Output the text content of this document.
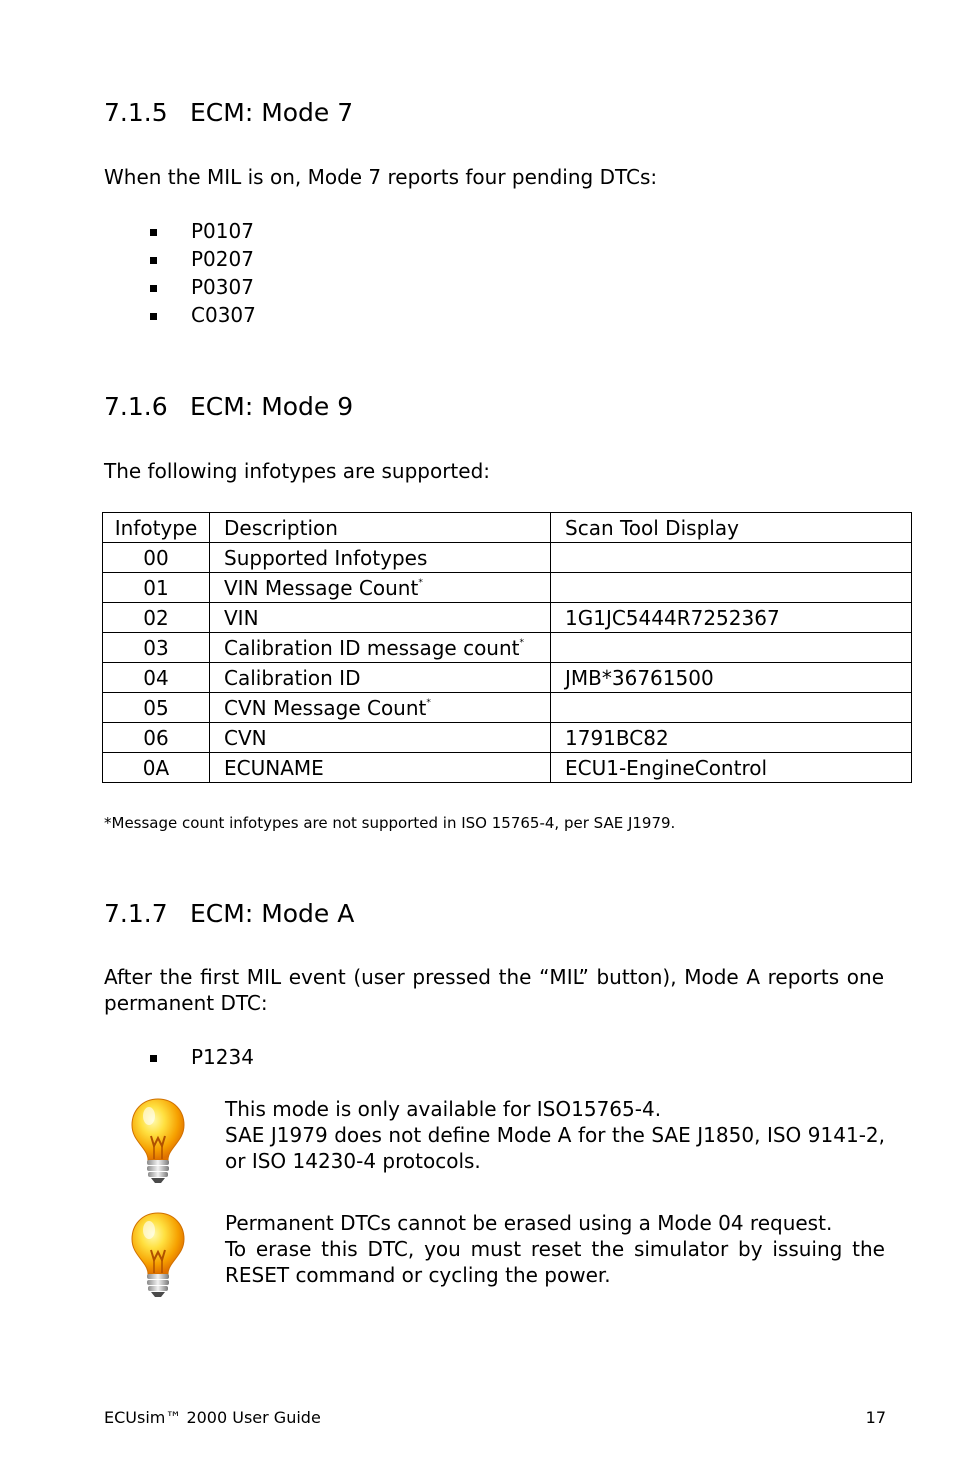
7.1.5 ECM: Mode 7

When the MIL is on, Mode 7 reports four pending DTCs:

P0107
P0207
P0307
C0307
7.1.6 ECM: Mode 9

The following infotypes are supported:

Infotype	Description	Scan Tool Display
00	Supported Infotypes	
01	VIN Message Count*	
02	VIN	1G1JC5444R7252367
03	Calibration ID message count*	
04	Calibration ID	JMB*36761500
05	CVN Message Count*	
06	CVN	1791BC82
0A	ECUNAME	ECU1-EngineControl

*Message count infotypes are not supported in ISO 15765-4, per SAE J1979.

7.1.7 ECM: Mode A

After the first MIL event (user pressed the “MIL” button), Mode A reports one permanent DTC:

P1234

This mode is only available for ISO15765-4.
SAE J1979 does not define Mode A for the SAE J1850, ISO 9141-2, or ISO 14230-4 protocols.

Permanent DTCs cannot be erased using a Mode 04 request.
To erase this DTC, you must reset the simulator by issuing the RESET command or cycling the power.

ECUsim™ 2000 User Guide	17
